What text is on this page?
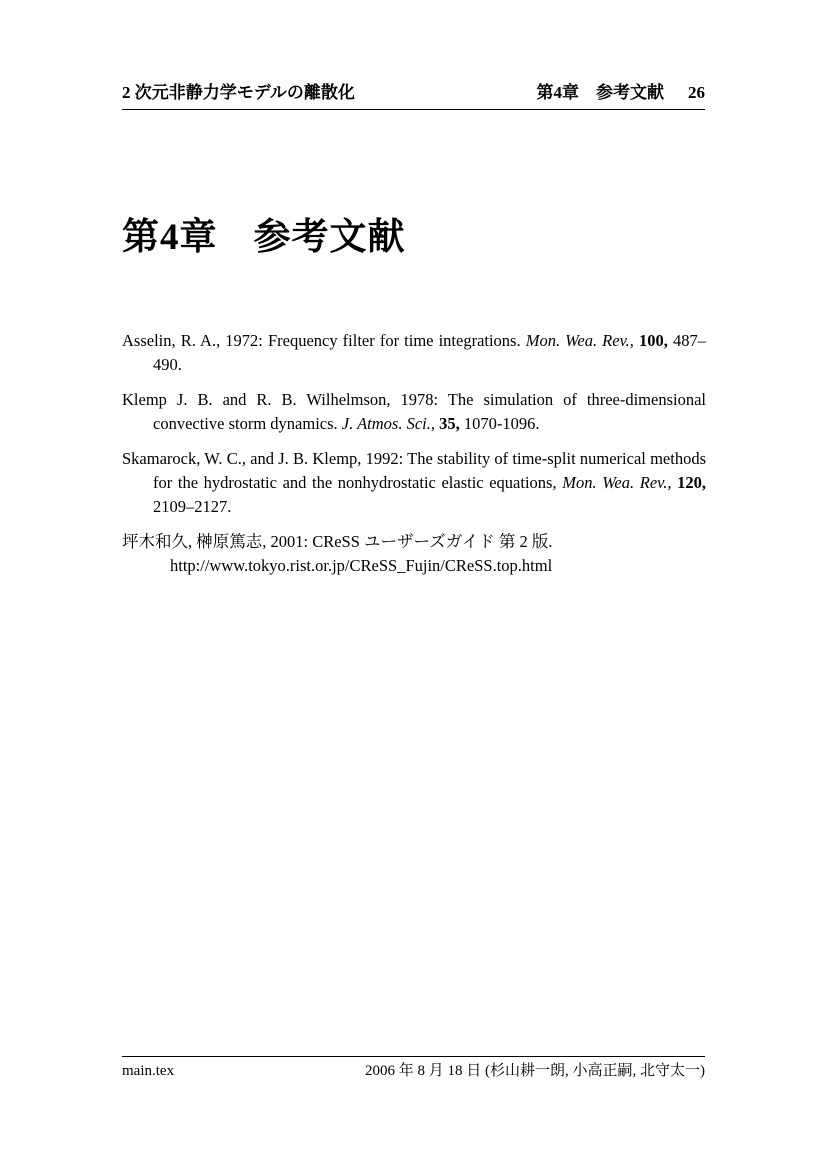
2 次元非静力学モデルの離散化	第4章　参考文献 26
第4章 参考文献
Asselin, R. A., 1972: Frequency filter for time integrations. Mon. Wea. Rev., 100, 487–490.
Klemp J. B. and R. B. Wilhelmson, 1978: The simulation of three-dimensional convective storm dynamics. J. Atmos. Sci., 35, 1070-1096.
Skamarock, W. C., and J. B. Klemp, 1992: The stability of time-split numerical methods for the hydrostatic and the nonhydrostatic elastic equations, Mon. Wea. Rev., 120, 2109–2127.
坪木和久, 榊原篤志, 2001: CReSS ユーザーズガイド 第 2 版.
http://www.tokyo.rist.or.jp/CReSS_Fujin/CReSS.top.html
main.tex	2006 年 8 月 18 日 (杉山耕一朗, 小高正嗣, 北守太一)
